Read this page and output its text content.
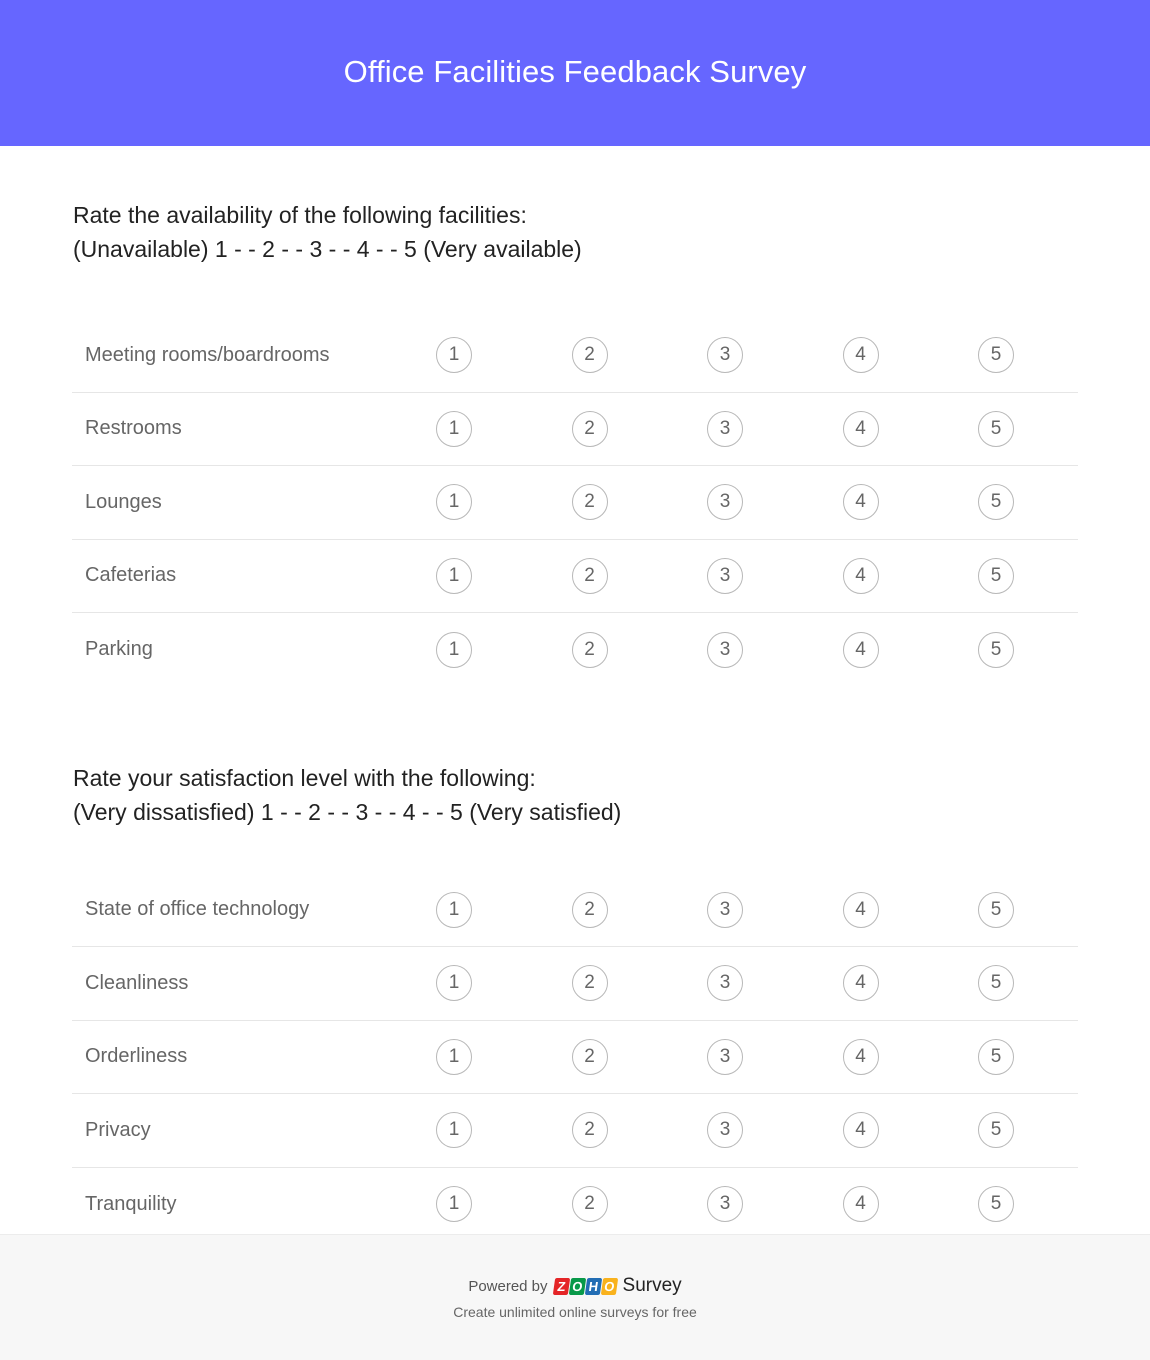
Office Facilities Feedback Survey
Rate the availability of the following facilities:
(Unavailable) 1 - - 2 - - 3 - - 4 - - 5 (Very available)
Meeting rooms/boardrooms	1	2	3	4	5
Restrooms	1	2	3	4	5
Lounges	1	2	3	4	5
Cafeterias	1	2	3	4	5
Parking	1	2	3	4	5
Rate your satisfaction level with the following:
(Very dissatisfied) 1 - - 2 - - 3 - - 4 - - 5 (Very satisfied)
State of office technology	1	2	3	4	5
Cleanliness	1	2	3	4	5
Orderliness	1	2	3	4	5
Privacy	1	2	3	4	5
Tranquility	1	2	3	4	5
Powered by Z O H O Survey
Create unlimited online surveys for free
